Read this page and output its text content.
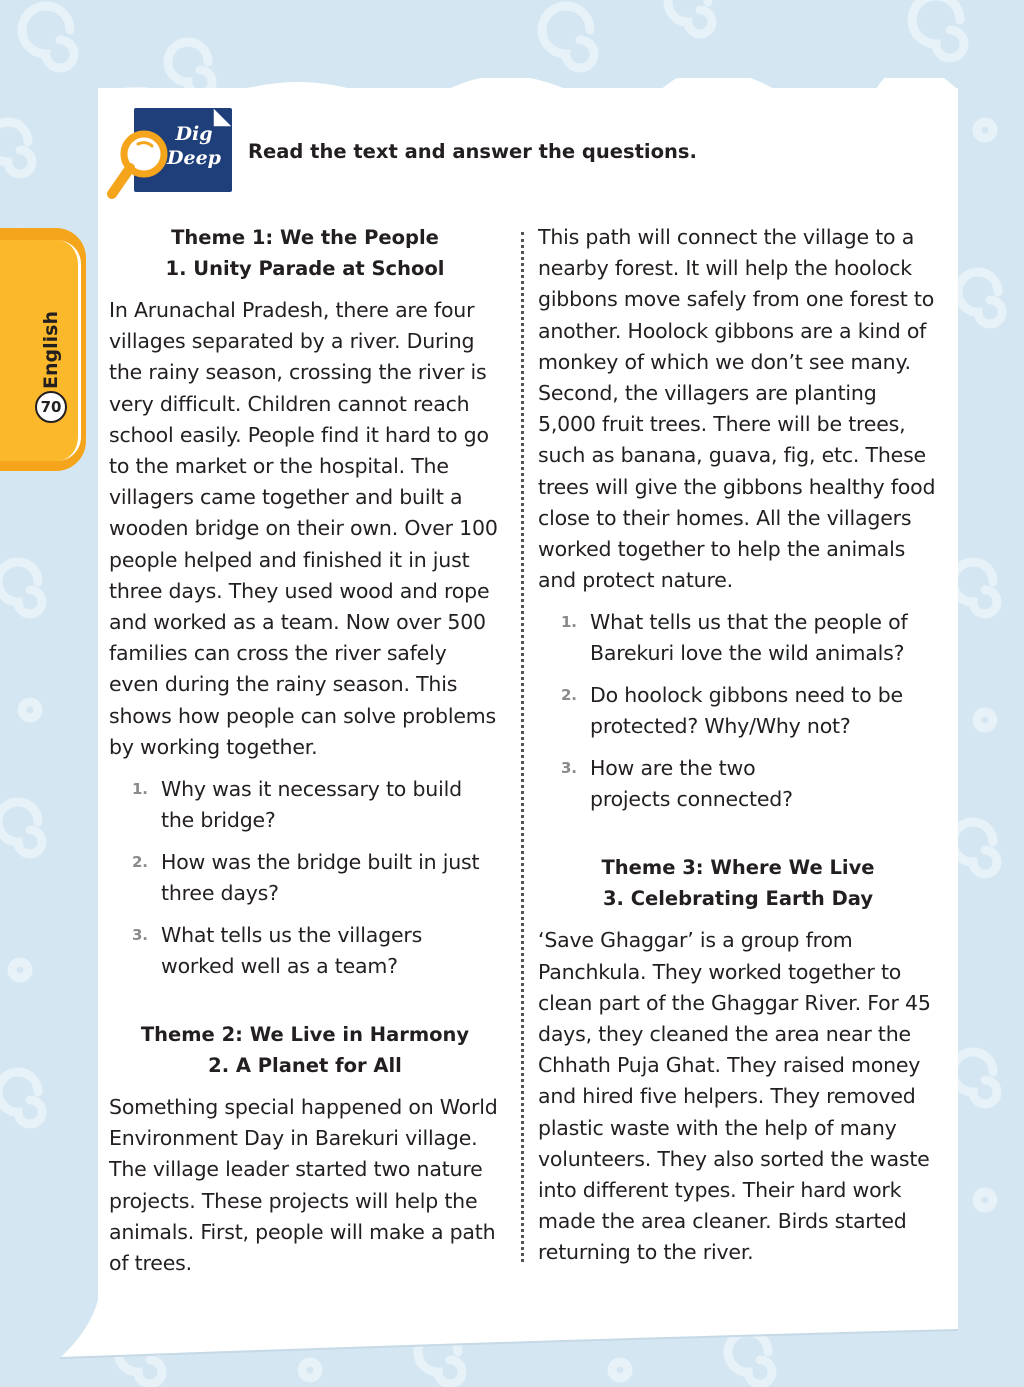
English
70
Dig
Deep	Read the text and answer the questions.

Theme 1: We the People

1. Unity Parade at School

In Arunachal Pradesh, there are four villages separated by a river. During the rainy season, crossing the river is very difficult. Children cannot reach school easily. People find it hard to go to the market or the hospital. The villagers came together and built a wooden bridge on their own. Over 100 people helped and finished it in just three days. They used wood and rope and worked as a team. Now over 500 families can cross the river safely even during the rainy season. This shows how people can solve problems by working together.

1. Why was it necessary to build the bridge?
2. How was the bridge built in just three days?
3. What tells us the villagers worked well as a team?

Theme 2: We Live in Harmony

2. A Planet for All

Something special happened on World Environment Day in Barekuri village. The village leader started two nature projects. These projects will help the animals. First, people will make a path of trees.

This path will connect the village to a nearby forest. It will help the hoolock gibbons move safely from one forest to another. Hoolock gibbons are a kind of monkey of which we don’t see many. Second, the villagers are planting 5,000 fruit trees. There will be trees, such as banana, guava, fig, etc. These trees will give the gibbons healthy food close to their homes. All the villagers worked together to help the animals and protect nature.

1. What tells us that the people of Barekuri love the wild animals?
2. Do hoolock gibbons need to be protected? Why/Why not?
3. How are the two projects connected?

Theme 3: Where We Live

3. Celebrating Earth Day

‘Save Ghaggar’ is a group from Panchkula. They worked together to clean part of the Ghaggar River. For 45 days, they cleaned the area near the Chhath Puja Ghat. They raised money and hired five helpers. They removed plastic waste with the help of many volunteers. They also sorted the waste into different types. Their hard work made the area cleaner. Birds started returning to the river.
